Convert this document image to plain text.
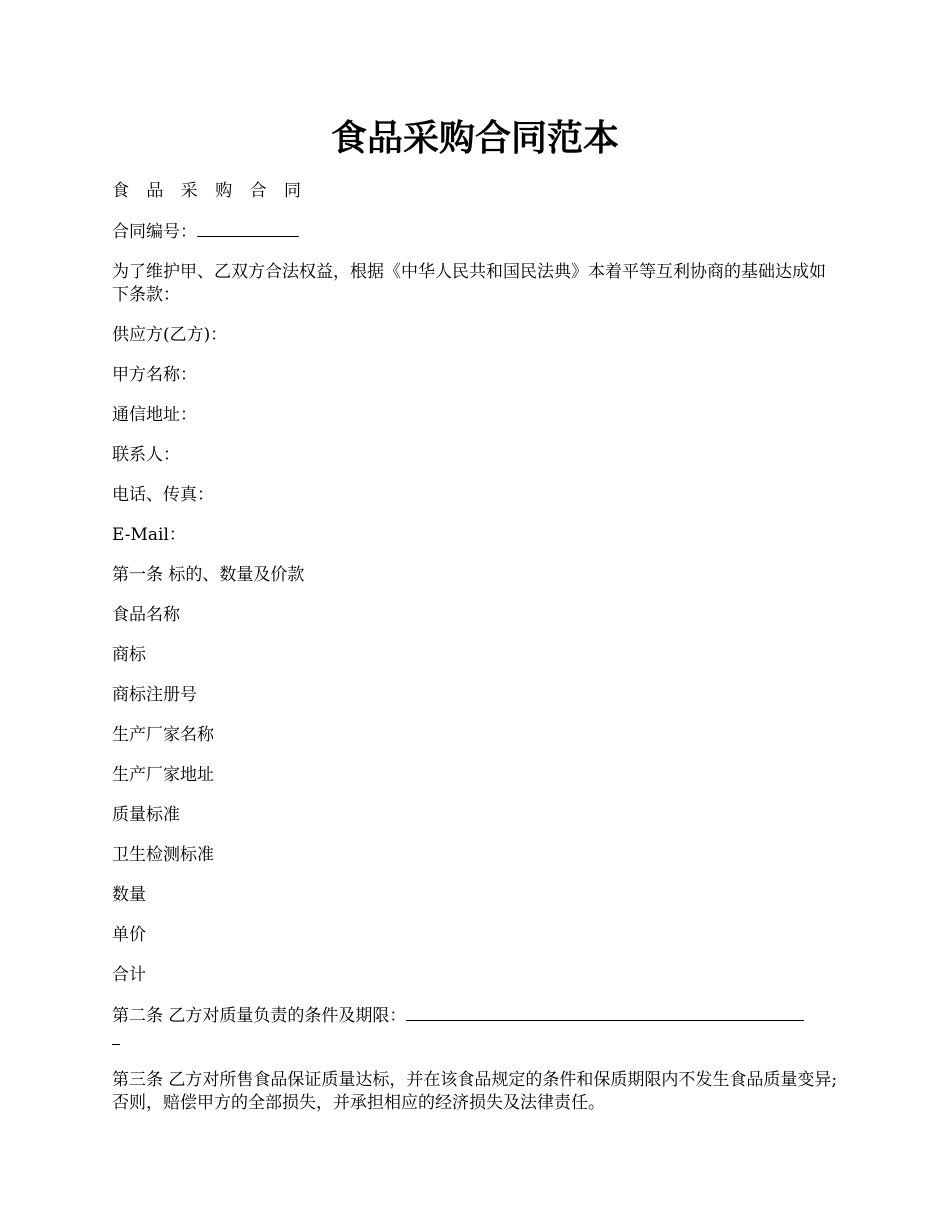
食品采购合同范本

食 品 采 购 合 同

合同编号：

为了维护甲、乙双方合法权益，根据《中华人民共和国民法典》本着平等互利协商的基础达成如下条款：

供应方(乙方)：

甲方名称：

通信地址：

联系人：

电话、传真：

E-Mail：

第一条 标的、数量及价款

食品名称

商标

商标注册号

生产厂家名称

生产厂家地址

质量标准

卫生检测标准

数量

单价

合计

第二条 乙方对质量负责的条件及期限：

第三条 乙方对所售食品保证质量达标，并在该食品规定的条件和保质期限内不发生食品质量变异;否则，赔偿甲方的全部损失，并承担相应的经济损失及法律责任。
